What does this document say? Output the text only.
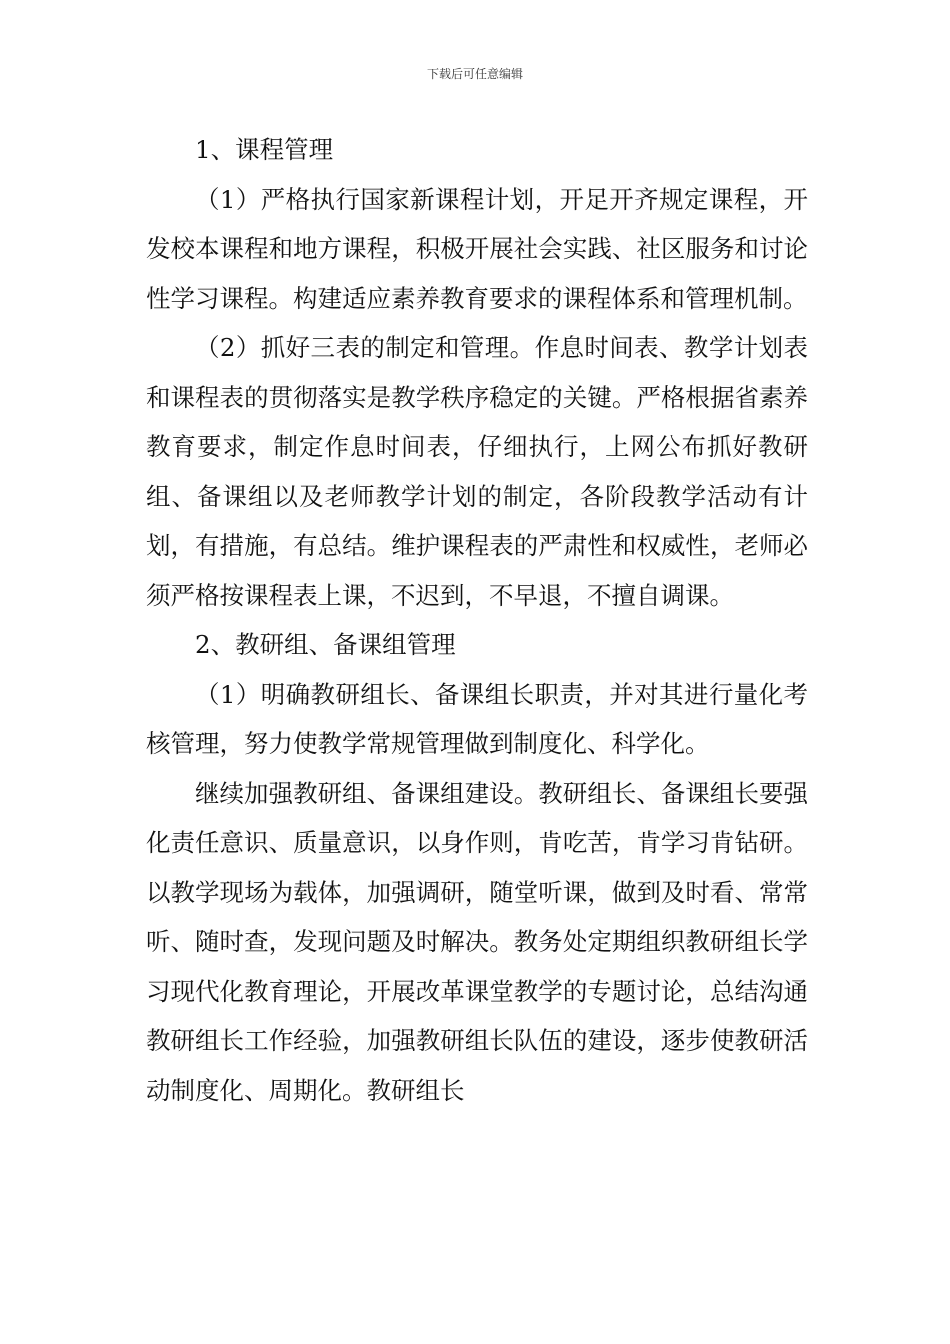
下载后可任意编辑

1、课程管理

（1）严格执行国家新课程计划，开足开齐规定课程，开发校本课程和地方课程，积极开展社会实践、社区服务和讨论性学习课程。构建适应素养教育要求的课程体系和管理机制。

（2）抓好三表的制定和管理。作息时间表、教学计划表和课程表的贯彻落实是教学秩序稳定的关键。严格根据省素养教育要求，制定作息时间表，仔细执行，上网公布抓好教研组、备课组以及老师教学计划的制定，各阶段教学活动有计划，有措施，有总结。维护课程表的严肃性和权威性，老师必须严格按课程表上课，不迟到，不早退，不擅自调课。

2、教研组、备课组管理

（1）明确教研组长、备课组长职责，并对其进行量化考核管理，努力使教学常规管理做到制度化、科学化。

继续加强教研组、备课组建设。教研组长、备课组长要强化责任意识、质量意识，以身作则，肯吃苦，肯学习肯钻研。以教学现场为载体，加强调研，随堂听课，做到及时看、常常听、随时查，发现问题及时解决。教务处定期组织教研组长学习现代化教育理论，开展改革课堂教学的专题讨论，总结沟通教研组长工作经验，加强教研组长队伍的建设，逐步使教研活动制度化、周期化。教研组长
